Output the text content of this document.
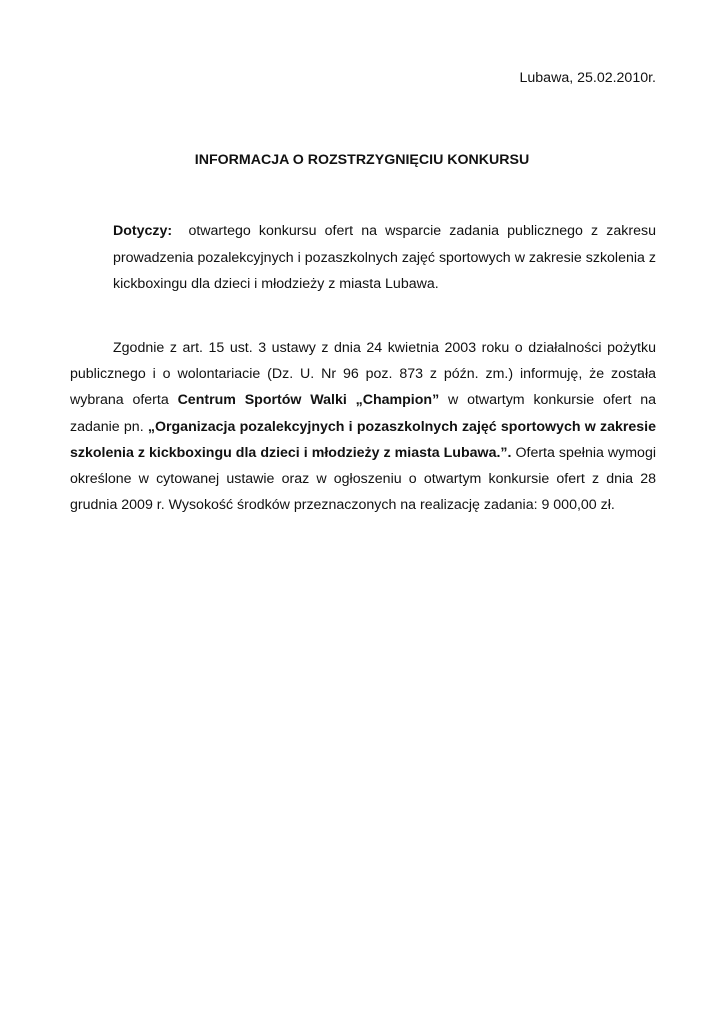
Lubawa, 25.02.2010r.
INFORMACJA O ROZSTRZYGNIĘCIU KONKURSU
Dotyczy: otwartego konkursu ofert na wsparcie zadania publicznego z zakresu prowadzenia pozalekcyjnych i pozaszkolnych zajęć sportowych w zakresie szkolenia z kickboxingu dla dzieci i młodzieży z miasta Lubawa.
Zgodnie z art. 15 ust. 3 ustawy z dnia 24 kwietnia 2003 roku o działalności pożytku publicznego i o wolontariacie (Dz. U. Nr 96 poz. 873 z późn. zm.) informuję, że została wybrana oferta Centrum Sportów Walki „Champion” w otwartym konkursie ofert na zadanie pn. „Organizacja pozalekcyjnych i pozaszkolnych zajęć sportowych w zakresie szkolenia z kickboxingu dla dzieci i młodzieży z miasta Lubawa.”. Oferta spełnia wymogi określone w cytowanej ustawie oraz w ogłoszeniu o otwartym konkursie ofert z dnia 28 grudnia 2009 r. Wysokość środków przeznaczonych na realizację zadania: 9 000,00 zł.
